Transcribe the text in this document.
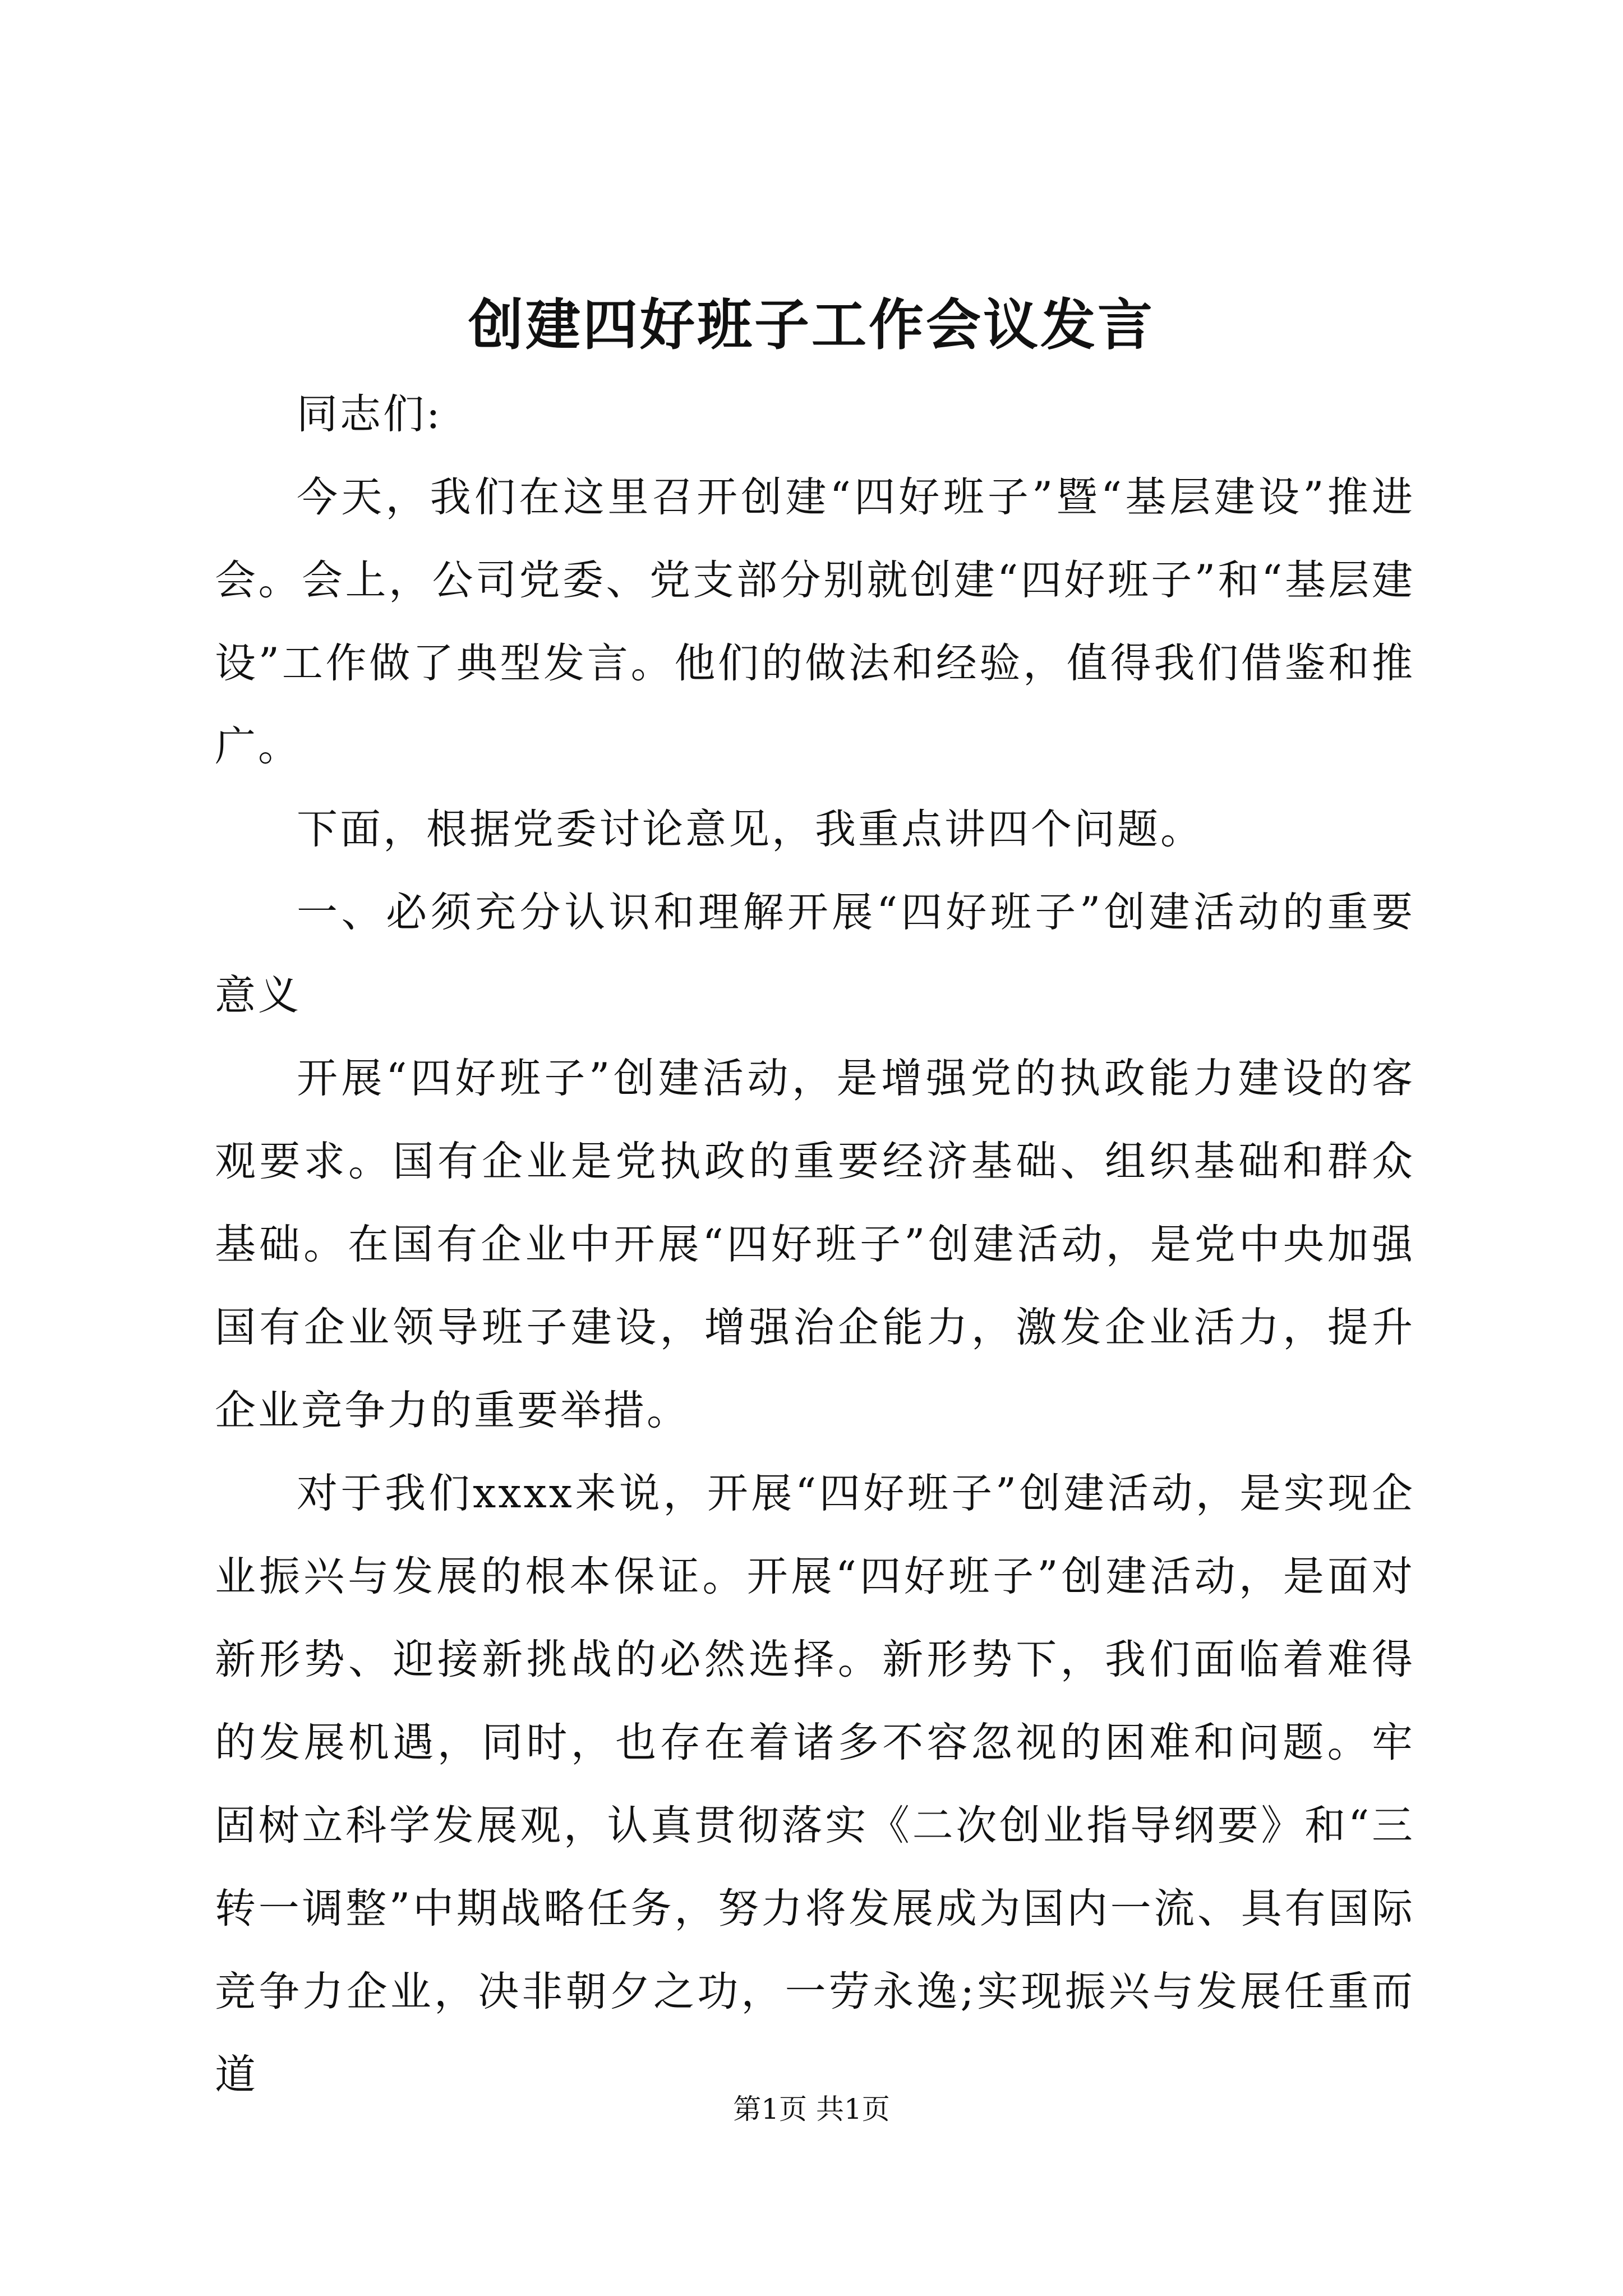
创建四好班子工作会议发言

同志们:

今天，我们在这里召开创建“四好班子”暨“基层建设”推进会。会上，公司党委、党支部分别就创建“四好班子”和“基层建设”工作做了典型发言。他们的做法和经验，值得我们借鉴和推广。

下面，根据党委讨论意见，我重点讲四个问题。

一、必须充分认识和理解开展“四好班子”创建活动的重要意义

开展“四好班子”创建活动，是增强党的执政能力建设的客观要求。国有企业是党执政的重要经济基础、组织基础和群众基础。在国有企业中开展“四好班子”创建活动，是党中央加强国有企业领导班子建设，增强治企能力，激发企业活力，提升企业竞争力的重要举措。

对于我们xxxx来说，开展“四好班子”创建活动，是实现企业振兴与发展的根本保证。开展“四好班子”创建活动，是面对新形势、迎接新挑战的必然选择。新形势下，我们面临着难得的发展机遇，同时，也存在着诸多不容忽视的困难和问题。牢固树立科学发展观，认真贯彻落实《二次创业指导纲要》和“三转一调整”中期战略任务，努力将发展成为国内一流、具有国际竞争力企业，决非朝夕之功，一劳永逸;实现振兴与发展任重而道

第1页 共1页
